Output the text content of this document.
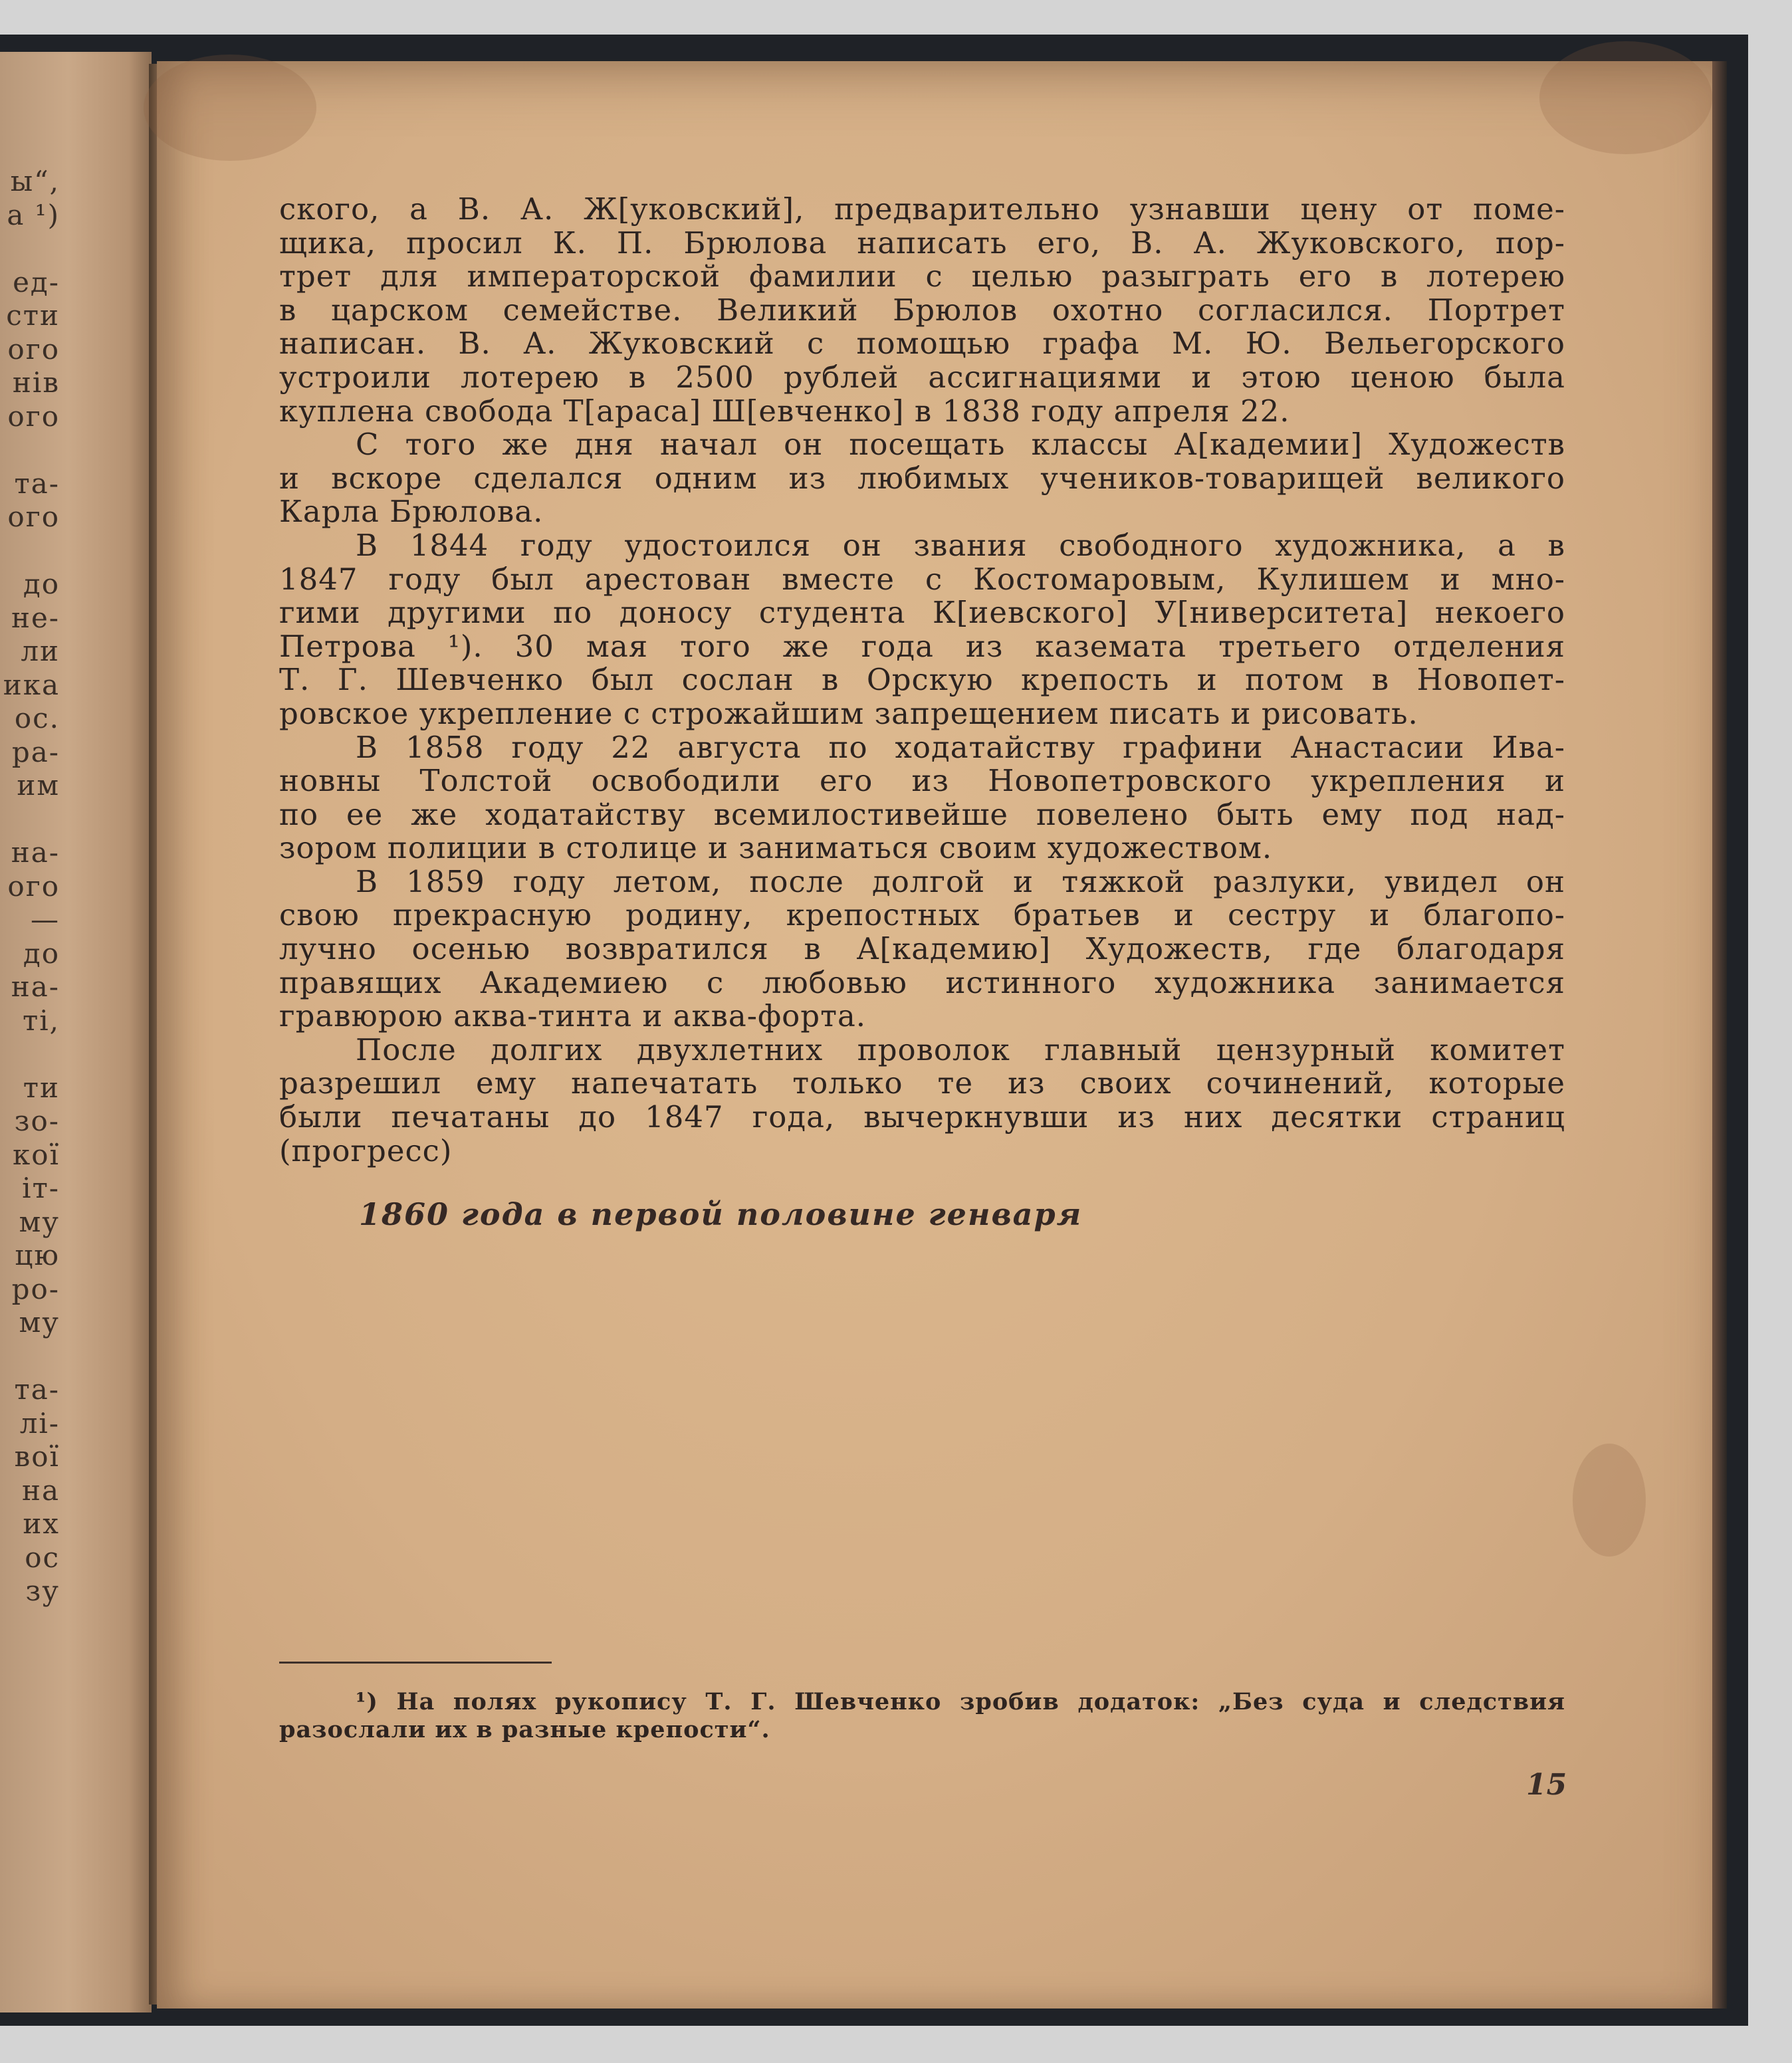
ы“,
а ¹)
ед-
сти
ого
нів
ого
та-
ого
до
не-
ли
ика
ос.
ра-
им
на-
ого
—
до
на-
ті,
ти
зо-
кої
іт-
му
цю
ро-
му
та-
лі-
вої
на
их
ос
зу

ского, а В. А. Ж[уковский], предварительно узнавши цену от поме-

щика, просил К. П. Брюлова написать его, В. А. Жуковского, пор-

трет для императорской фамилии с целью разыграть его в лотерею

в царском семействе. Великий Брюлов охотно согласился. Портрет

написан. В. А. Жуковский с помощью графа М. Ю. Вельегорского

устроили лотерею в 2500 рублей ассигнациями и этою ценою была

куплена свобода Т[араса] Ш[евченко] в 1838 году апреля 22.

С того же дня начал он посещать классы А[кадемии] Художеств

и вскоре сделался одним из любимых учеников-товарищей великого

Карла Брюлова.

В 1844 году удостоился он звания свободного художника, а в

1847 году был арестован вместе с Костомаровым, Кулишем и мно-

гими другими по доносу студента К[иевского] У[ниверситета] некоего

Петрова ¹). 30 мая того же года из каземата третьего отделения

Т. Г. Шевченко был сослан в Орскую крепость и потом в Новопет-

ровское укрепление с строжайшим запрещением писать и рисовать.

В 1858 году 22 августа по ходатайству графини Анастасии Ива-

новны Толстой освободили его из Новопетровского укрепления и

по ее же ходатайству всемилостивейше повелено быть ему под над-

зором полиции в столице и заниматься своим художеством.

В 1859 году летом, после долгой и тяжкой разлуки, увидел он

свою прекрасную родину, крепостных братьев и сестру и благопо-

лучно осенью возвратился в А[кадемию] Художеств, где благодаря

правящих Академиею с любовью истинного художника занимается

гравюрою аква-тинта и аква-форта.

После долгих двухлетних проволок главный цензурный комитет

разрешил ему напечатать только те из своих сочинений, которые

были печатаны до 1847 года, вычеркнувши из них десятки страниц

(прогресс)

1860 года в первой половине генваря
¹) На полях рукопису Т. Г. Шевченко зробив додаток: „Без суда и следствия разослали их в разные крепости“.
15
